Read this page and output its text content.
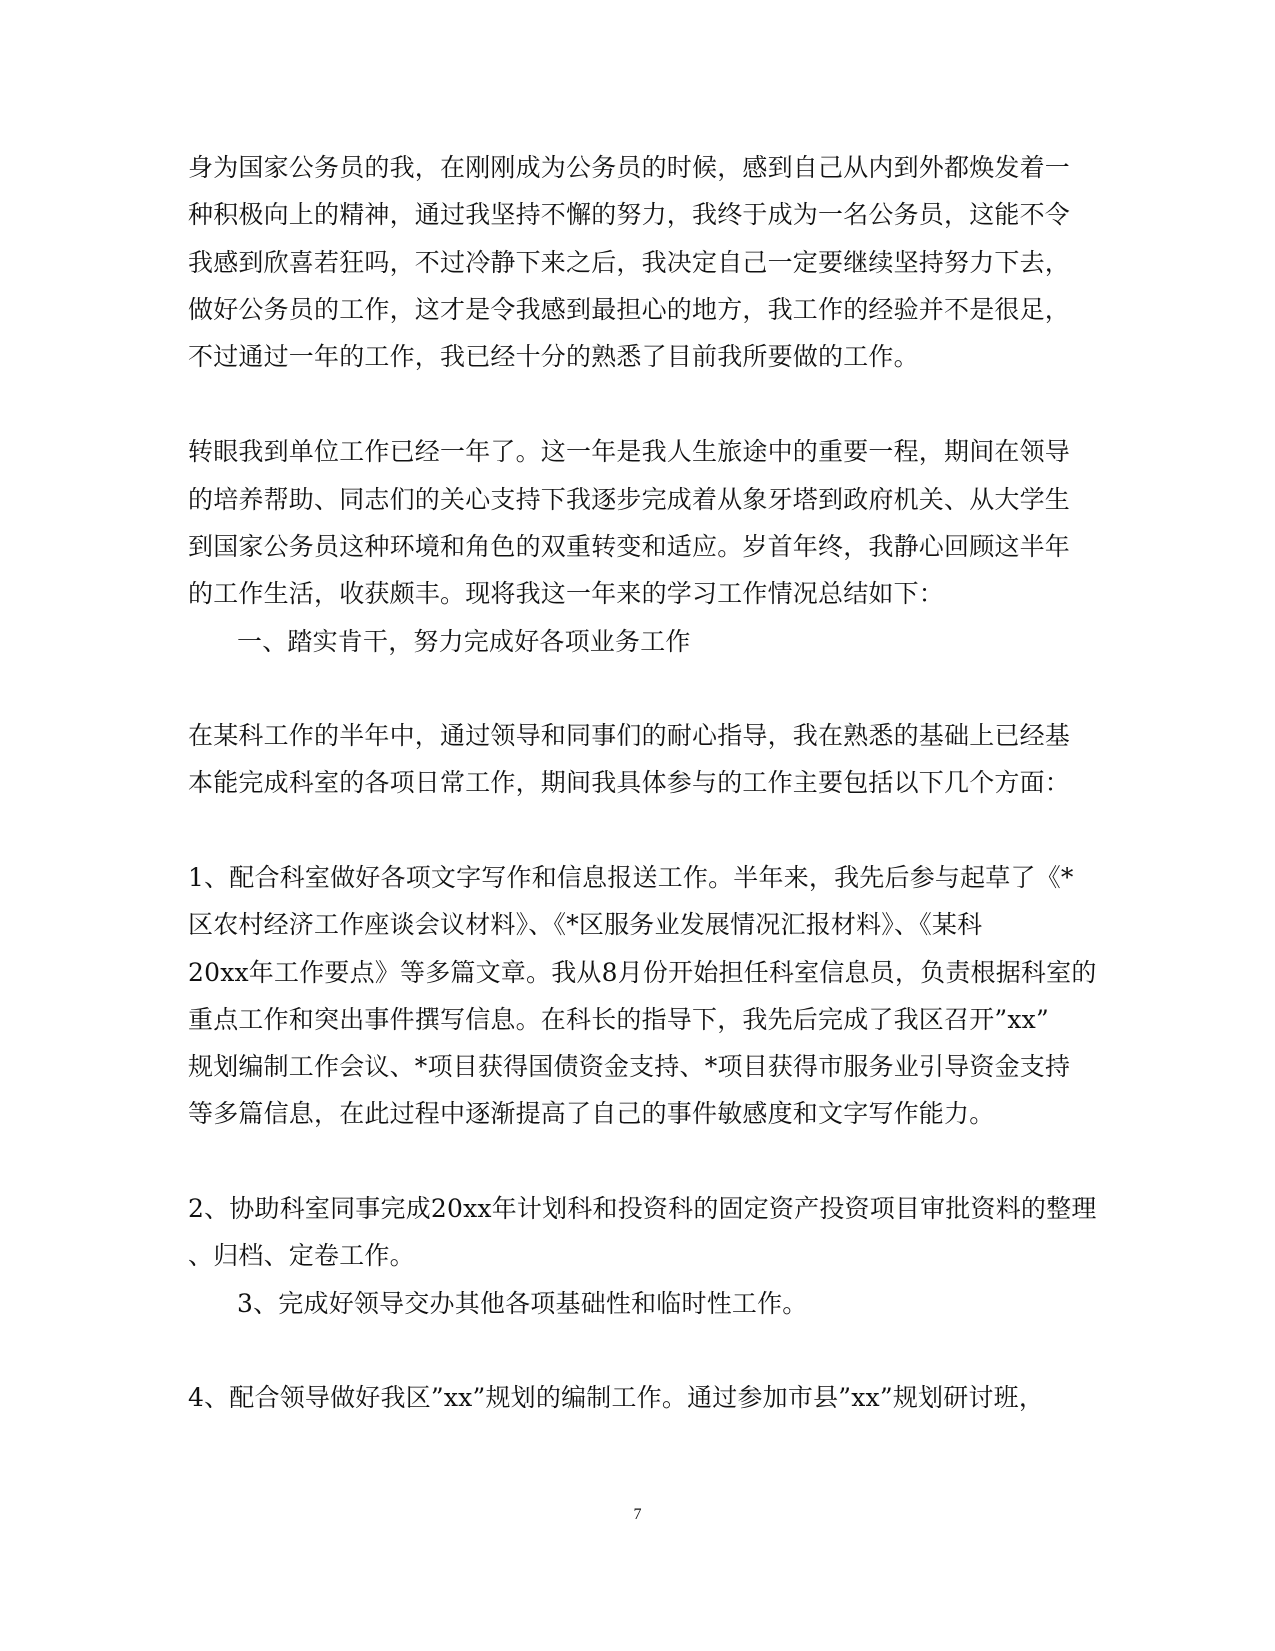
身为国家公务员的我，在刚刚成为公务员的时候，感到自己从内到外都焕发着一
种积极向上的精神，通过我坚持不懈的努力，我终于成为一名公务员，这能不令
我感到欣喜若狂吗，不过冷静下来之后，我决定自己一定要继续坚持努力下去，
做好公务员的工作，这才是令我感到最担心的地方，我工作的经验并不是很足，
不过通过一年的工作，我已经十分的熟悉了目前我所要做的工作。
转眼我到单位工作已经一年了。这一年是我人生旅途中的重要一程，期间在领导
的培养帮助、同志们的关心支持下我逐步完成着从象牙塔到政府机关、从大学生
到国家公务员这种环境和角色的双重转变和适应。岁首年终，我静心回顾这半年
的工作生活，收获颇丰。现将我这一年来的学习工作情况总结如下：
一、踏实肯干，努力完成好各项业务工作
在某科工作的半年中，通过领导和同事们的耐心指导，我在熟悉的基础上已经基
本能完成科室的各项日常工作，期间我具体参与的工作主要包括以下几个方面：
1、配合科室做好各项文字写作和信息报送工作。半年来，我先后参与起草了《*
区农村经济工作座谈会议材料》、《*区服务业发展情况汇报材料》、《某科
20xx年工作要点》等多篇文章。我从8月份开始担任科室信息员，负责根据科室的
重点工作和突出事件撰写信息。在科长的指导下，我先后完成了我区召开”xx”
规划编制工作会议、*项目获得国债资金支持、*项目获得市服务业引导资金支持
等多篇信息，在此过程中逐渐提高了自己的事件敏感度和文字写作能力。
2、协助科室同事完成20xx年计划科和投资科的固定资产投资项目审批资料的整理
、归档、定卷工作。
3、完成好领导交办其他各项基础性和临时性工作。
4、配合领导做好我区”xx”规划的编制工作。通过参加市县”xx”规划研讨班，
7
